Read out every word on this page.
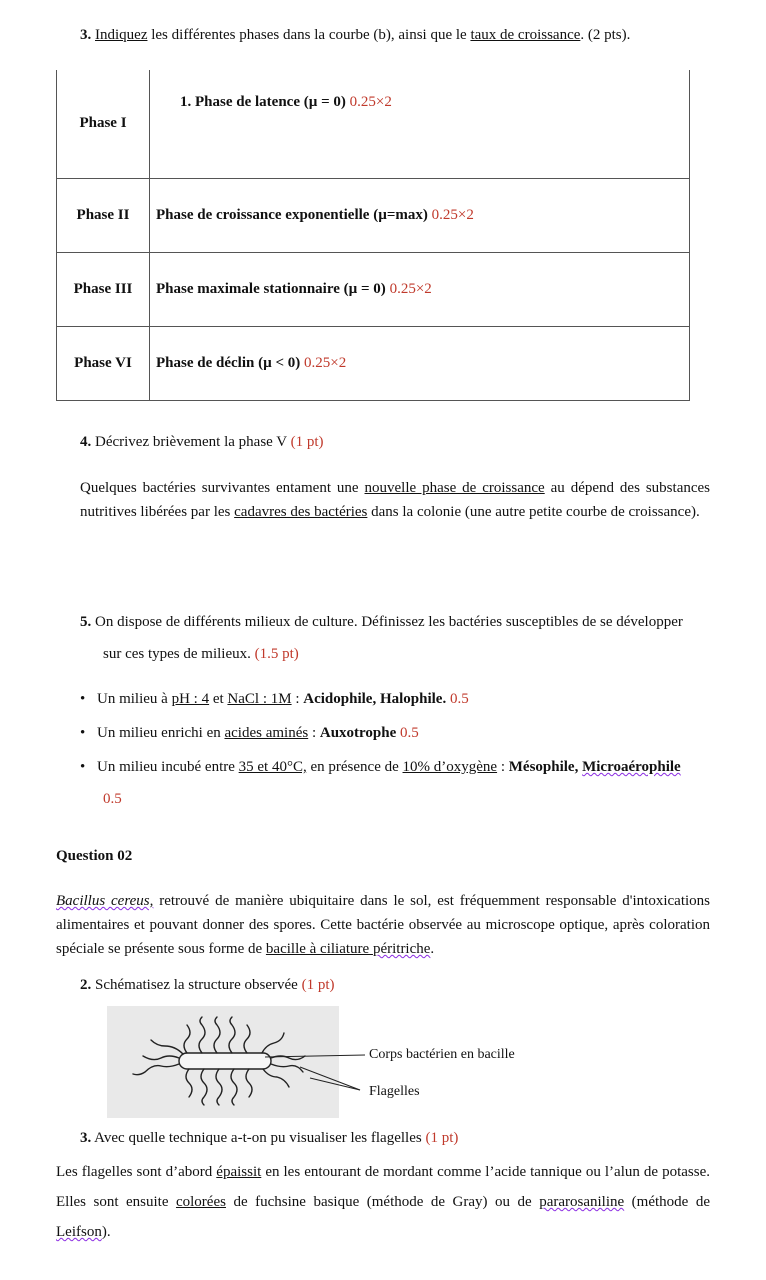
3. Indiquez les différentes phases dans la courbe (b), ainsi que le taux de croissance. (2 pts).
Phase I	1. Phase de latence (µ = 0) 0.25×2
Phase II	Phase de croissance exponentielle (µ=max) 0.25×2
Phase III	Phase maximale stationnaire (µ = 0) 0.25×2
Phase VI	Phase de déclin (µ < 0) 0.25×2
4. Décrivez brièvement la phase V (1 pt)
Quelques bactéries survivantes entament une nouvelle phase de croissance au dépend des substances nutritives libérées par les cadavres des bactéries dans la colonie (une autre petite courbe de croissance).
5. On dispose de différents milieux de culture. Définissez les bactéries susceptibles de se développer
sur ces types de milieux. (1.5 pt)
• Un milieu à pH : 4 et NaCl : 1M : Acidophile, Halophile. 0.5
• Un milieu enrichi en acides aminés : Auxotrophe 0.5
• Un milieu incubé entre 35 et 40°C, en présence de 10% d’oxygène : Mésophile, Microaérophile
0.5
Question 02
Bacillus cereus, retrouvé de manière ubiquitaire dans le sol, est fréquemment responsable d'intoxications alimentaires et pouvant donner des spores. Cette bactérie observée au microscope optique, après coloration spéciale se présente sous forme de bacille à ciliature péritriche.
2. Schématisez la structure observée (1 pt)
Corps bactérien en bacille
Flagelles
3. Avec quelle technique a-t-on pu visualiser les flagelles (1 pt)
Les flagelles sont d’abord épaissit en les entourant de mordant comme l’acide tannique ou l’alun de potasse. Elles sont ensuite colorées de fuchsine basique (méthode de Gray) ou de pararosaniline (méthode de Leifson).
